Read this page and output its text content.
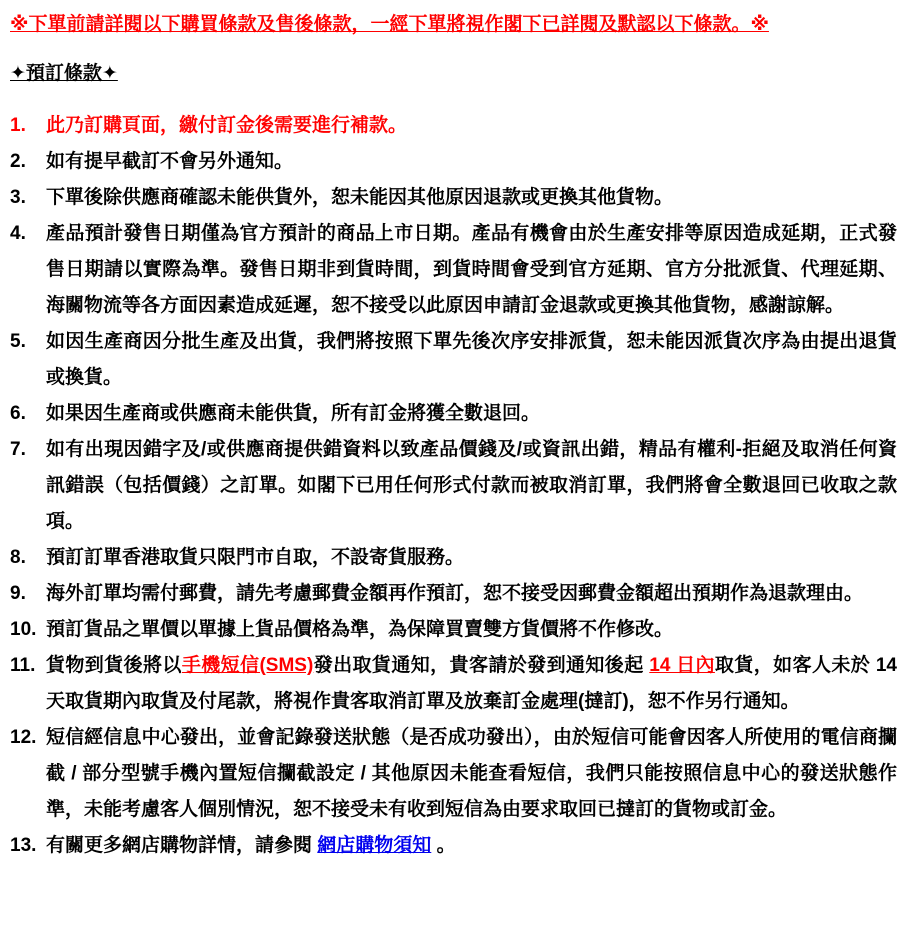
※下單前請詳閱以下購買條款及售後條款，一經下單將視作閣下已詳閱及默認以下條款。※
✦預訂條款✦
1.	此乃訂購頁面，繳付訂金後需要進行補款。
2.	如有提早截訂不會另外通知。
3.	下單後除供應商確認未能供貨外，恕未能因其他原因退款或更換其他貨物。
4.	產品預計發售日期僅為官方預計的商品上市日期。產品有機會由於生產安排等原因造成延期，正式發售日期請以實際為準。發售日期非到貨時間，到貨時間會受到官方延期、官方分批派貨、代理延期、海關物流等各方面因素造成延遲，恕不接受以此原因申請訂金退款或更換其他貨物，感謝諒解。
5.	如因生產商因分批生產及出貨，我們將按照下單先後次序安排派貨，恕未能因派貨次序為由提出退貨或換貨。
6.	如果因生產商或供應商未能供貨，所有訂金將獲全數退回。
7.	如有出現因錯字及/或供應商提供錯資料以致產品價錢及/或資訊出錯，精品有權利-拒絕及取消任何資訊錯誤（包括價錢）之訂單。如閣下已用任何形式付款而被取消訂單，我們將會全數退回已收取之款項。
8.	預訂訂單香港取貨只限門市自取，不設寄貨服務。
9.	海外訂單均需付郵費，請先考慮郵費金額再作預訂，恕不接受因郵費金額超出預期作為退款理由。
10. 預訂貨品之單價以單據上貨品價格為準，為保障買賣雙方貨價將不作修改。
11. 貨物到貨後將以手機短信(SMS)發出取貨通知，貴客請於發到通知後起 14 日內取貨，如客人未於 14 天取貨期內取貨及付尾款，將視作貴客取消訂單及放棄訂金處理(撻訂)，恕不作另行通知。
12. 短信經信息中心發出，並會記錄發送狀態（是否成功發出），由於短信可能會因客人所使用的電信商攔截 / 部分型號手機內置短信攔截設定 / 其他原因未能查看短信，我們只能按照信息中心的發送狀態作準，未能考慮客人個別情況，恕不接受未有收到短信為由要求取回已撻訂的貨物或訂金。
13. 有關更多網店購物詳情，請參閱 網店購物須知 。
